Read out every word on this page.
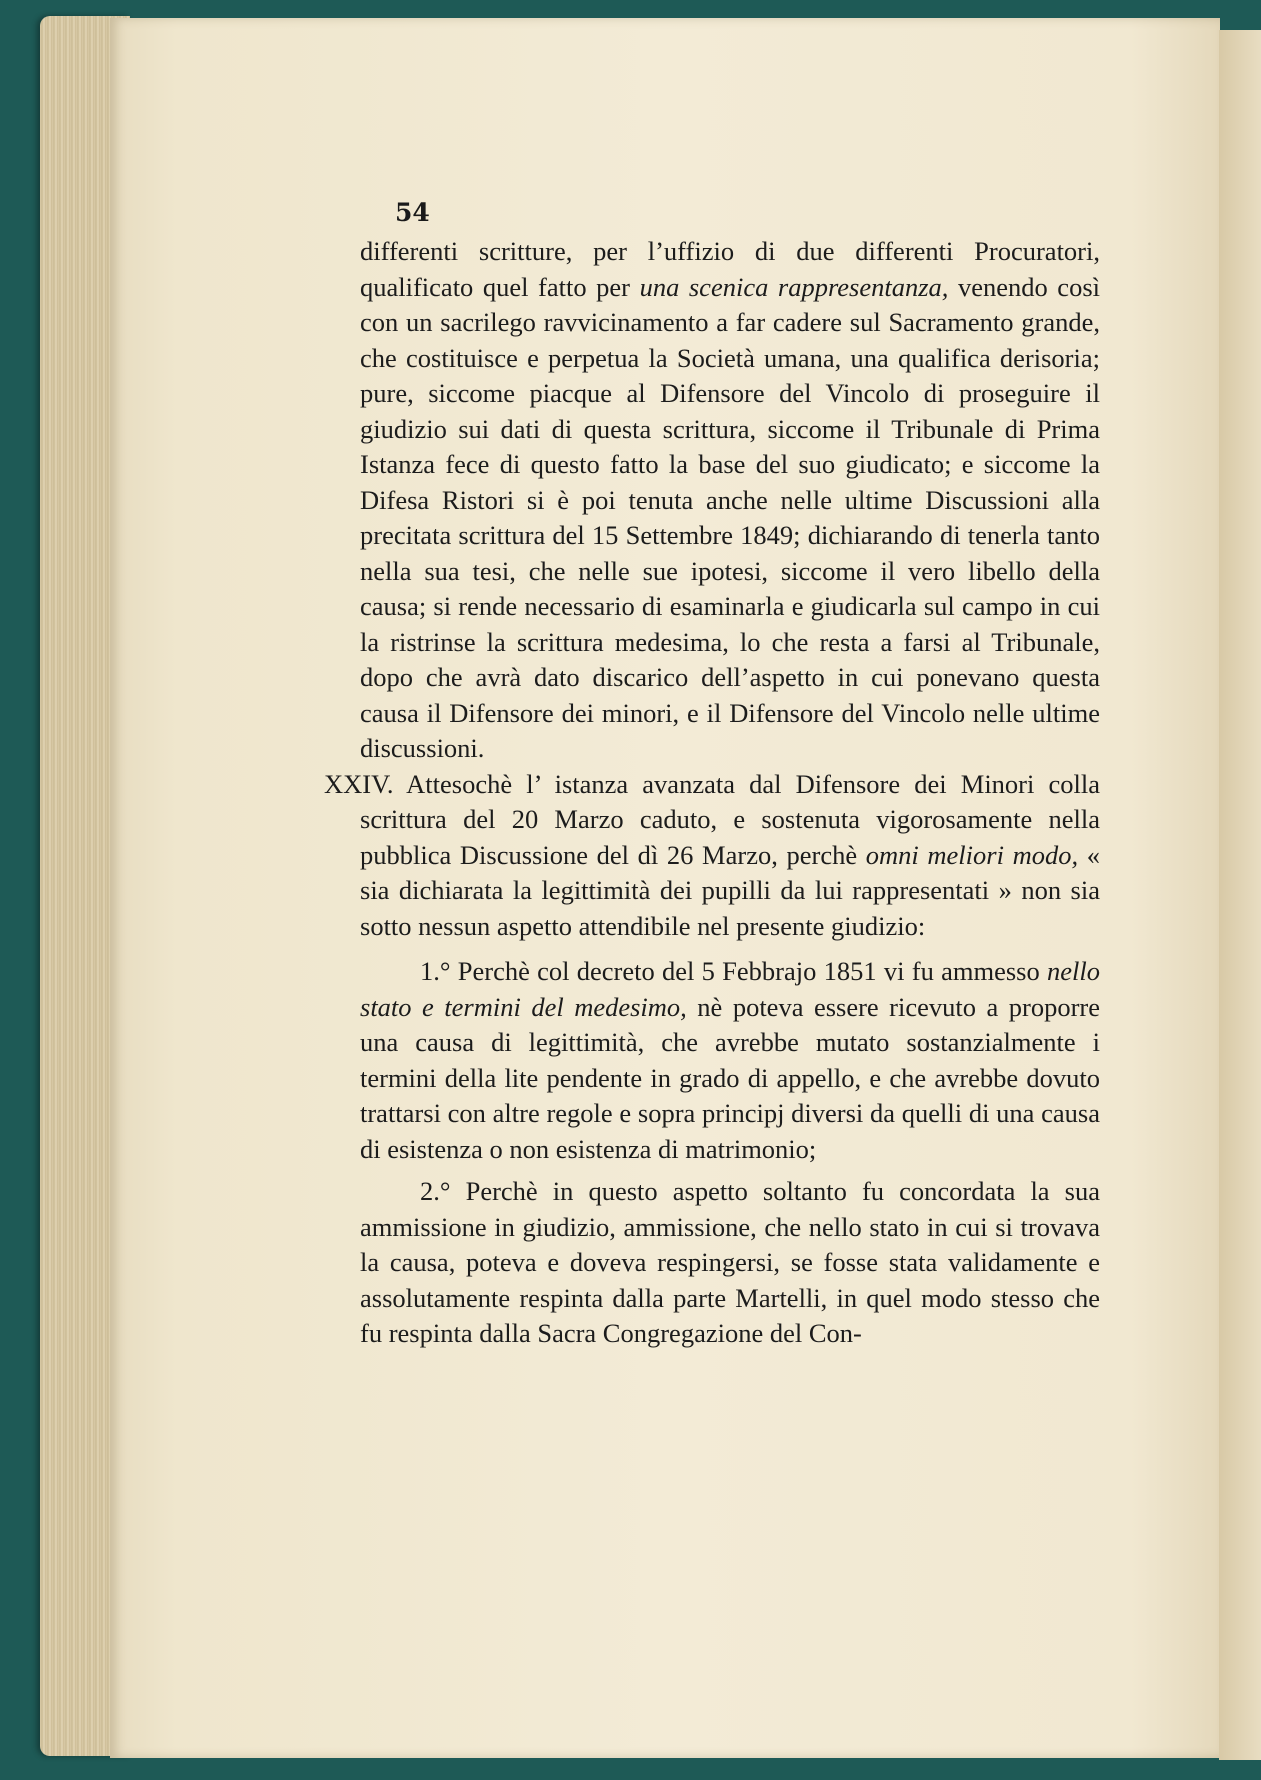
54

differenti scritture, per l’uffizio di due differenti Procuratori, qualificato quel fatto per una scenica rappresentanza, venendo così con un sacrilego ravvicinamento a far cadere sul Sacramento grande, che costituisce e perpetua la Società umana, una qualifica derisoria; pure, siccome piacque al Difensore del Vincolo di proseguire il giudizio sui dati di questa scrittura, siccome il Tribunale di Prima Istanza fece di questo fatto la base del suo giudicato; e siccome la Difesa Ristori si è poi tenuta anche nelle ultime Discussioni alla precitata scrittura del 15 Settembre 1849; dichiarando di tenerla tanto nella sua tesi, che nelle sue ipotesi, siccome il vero libello della causa; si rende necessario di esaminarla e giudicarla sul campo in cui la ristrinse la scrittura medesima, lo che resta a farsi al Tribunale, dopo che avrà dato discarico dell’aspetto in cui ponevano questa causa il Difensore dei minori, e il Difensore del Vincolo nelle ultime discussioni.

XXIV. Attesochè l’ istanza avanzata dal Difensore dei Minori colla scrittura del 20 Marzo caduto, e sostenuta vigorosamente nella pubblica Discussione del dì 26 Marzo, perchè omni meliori modo, « sia dichiarata la legittimità dei pupilli da lui rappresentati » non sia sotto nessun aspetto attendibile nel presente giudizio:

1.° Perchè col decreto del 5 Febbrajo 1851 vi fu ammesso nello stato e termini del medesimo, nè poteva essere ricevuto a proporre una causa di legittimità, che avrebbe mutato sostanzialmente i termini della lite pendente in grado di appello, e che avrebbe dovuto trattarsi con altre regole e sopra principj diversi da quelli di una causa di esistenza o non esistenza di matrimonio;

2.° Perchè in questo aspetto soltanto fu concordata la sua ammissione in giudizio, ammissione, che nello stato in cui si trovava la causa, poteva e doveva respingersi, se fosse stata validamente e assolutamente respinta dalla parte Martelli, in quel modo stesso che fu respinta dalla Sacra Congregazione del Con-
